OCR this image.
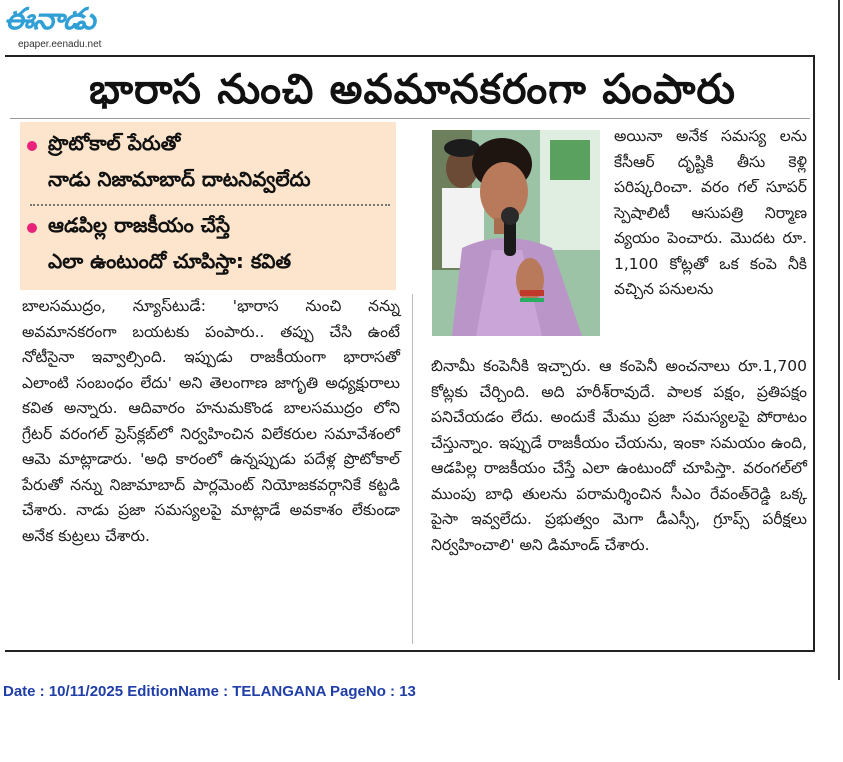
ఈనాడు
epaper.eenadu.net
భారాస నుంచి అవమానకరంగా పంపారు
ప్రొటోకాల్ పేరుతో
నాడు నిజామాబాద్ దాటనివ్వలేదు
ఆడపిల్ల రాజకీయం చేస్తే
ఎలా ఉంటుందో చూపిస్తా: కవిత
అయినా అనేక సమస్య లను కేసీఆర్ దృష్టికి తీసు కెళ్లి పరిష్కరించా. వరం గల్ సూపర్ స్పెషాలిటీ ఆసుపత్రి నిర్మాణ వ్యయం పెంచారు. మొదట రూ. 1,100 కోట్లతో ఒక కంపె నీకి వచ్చిన పనులను
బాలసముద్రం, న్యూస్‌టుడే: 'భారాస నుంచి నన్ను అవమానకరంగా బయటకు పంపారు.. తప్పు చేసి ఉంటే నోటీసైనా ఇవ్వాల్సింది. ఇప్పుడు రాజకీయంగా భారాసతో ఎలాంటి సంబంధం లేదు' అని తెలంగాణ జాగృతి అధ్యక్షురాలు కవిత అన్నారు. ఆదివారం హనుమకొండ బాలసముద్రం లోని గ్రేటర్ వరంగల్ ప్రెస్‌క్లబ్‌లో నిర్వహించిన విలేకరుల సమావేశంలో ఆమె మాట్లాడారు. 'అధి కారంలో ఉన్నప్పుడు పదేళ్ల ప్రొటోకాల్ పేరుతో నన్ను నిజామాబాద్ పార్లమెంట్ నియోజకవర్గానికే కట్టడి చేశారు. నాడు ప్రజా సమస్యలపై మాట్లాడే అవకాశం లేకుండా అనేక కుట్రలు చేశారు.
బినామీ కంపెనీకి ఇచ్చారు. ఆ కంపెనీ అంచనాలు రూ.1,700 కోట్లకు చేర్చింది. అది హరీశ్‌రావుదే. పాలక పక్షం, ప్రతిపక్షం పనిచేయడం లేదు. అందుకే మేము ప్రజా సమస్యలపై పోరాటం చేస్తున్నాం. ఇప్పుడే రాజకీయం చేయను, ఇంకా సమయం ఉంది, ఆడపిల్ల రాజకీయం చేస్తే ఎలా ఉంటుందో చూపిస్తా. వరంగల్‌లో ముంపు బాధి తులను పరామర్శించిన సీఎం రేవంత్‌రెడ్డి ఒక్క పైసా ఇవ్వలేదు. ప్రభుత్వం మెగా డీఎస్సీ, గ్రూప్స్ పరీక్షలు నిర్వహించాలి' అని డిమాండ్ చేశారు.
Date : 10/11/2025 EditionName : TELANGANA PageNo : 13
